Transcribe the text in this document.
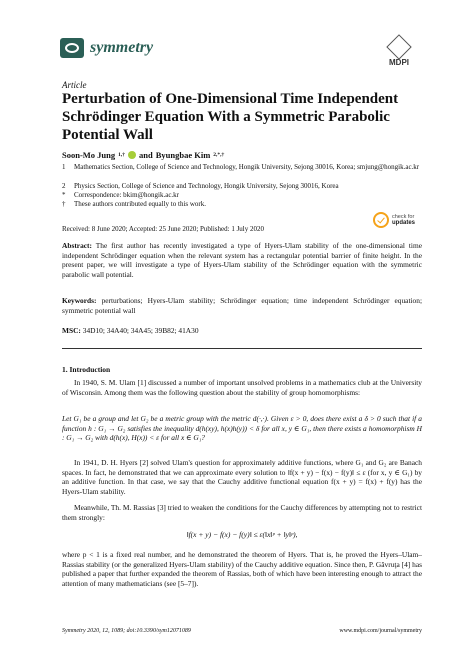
symmetry
MDPI
Article
Perturbation of One-Dimensional Time Independent Schrödinger Equation With a Symmetric Parabolic Potential Wall
Soon-Mo Jung 1,† and Byungbae Kim 2,*,†
1 Mathematics Section, College of Science and Technology, Hongik University, Sejong 30016, Korea; smjung@hongik.ac.kr
2 Physics Section, College of Science and Technology, Hongik University, Sejong 30016, Korea
* Correspondence: bkim@hongik.ac.kr
† These authors contributed equally to this work.
Received: 8 June 2020; Accepted: 25 June 2020; Published: 1 July 2020
check for
updates
Abstract: The first author has recently investigated a type of Hyers-Ulam stability of the one-dimensional time independent Schrödinger equation when the relevant system has a rectangular potential barrier of finite height. In the present paper, we will investigate a type of Hyers-Ulam stability of the Schrödinger equation with the symmetric parabolic wall potential.
Keywords: perturbations; Hyers-Ulam stability; Schrödinger equation; time independent Schrödinger equation; symmetric potential wall
MSC: 34D10; 34A40; 34A45; 39B82; 41A30
1. Introduction
In 1940, S. M. Ulam [1] discussed a number of important unsolved problems in a mathematics club at the University of Wisconsin. Among them was the following question about the stability of group homomorphisms:
Let G₁ be a group and let G₂ be a metric group with the metric d(·,·). Given ε > 0, does there exist a δ > 0 such that if a function h : G₁ → G₂ satisfies the inequality d(h(xy), h(x)h(y)) < δ for all x, y ∈ G₁, then there exists a homomorphism H : G₁ → G₂ with d(h(x), H(x)) < ε for all x ∈ G₁?
In 1941, D. H. Hyers [2] solved Ulam's question for approximately additive functions, where G₁ and G₂ are Banach spaces. In fact, he demonstrated that we can approximate every solution to ‖f(x + y) − f(x) − f(y)‖ ≤ ε (for x, y ∈ G₁) by an additive function. In that case, we say that the Cauchy additive functional equation f(x + y) = f(x) + f(y) has the Hyers-Ulam stability.
Meanwhile, Th. M. Rassias [3] tried to weaken the conditions for the Cauchy differences by attempting not to restrict them strongly:
‖f(x + y) − f(x) − f(y)‖ ≤ ε(‖x‖ᵖ + ‖y‖ᵖ),
where p < 1 is a fixed real number, and he demonstrated the theorem of Hyers. That is, he proved the Hyers–Ulam–Rassias stability (or the generalized Hyers-Ulam stability) of the Cauchy additive equation. Since then, P. Găvruţa [4] has published a paper that further expanded the theorem of Rassias, both of which have been interesting enough to attract the attention of many mathematicians (see [5–7]).
Symmetry 2020, 12, 1089; doi:10.3390/sym12071089	www.mdpi.com/journal/symmetry
